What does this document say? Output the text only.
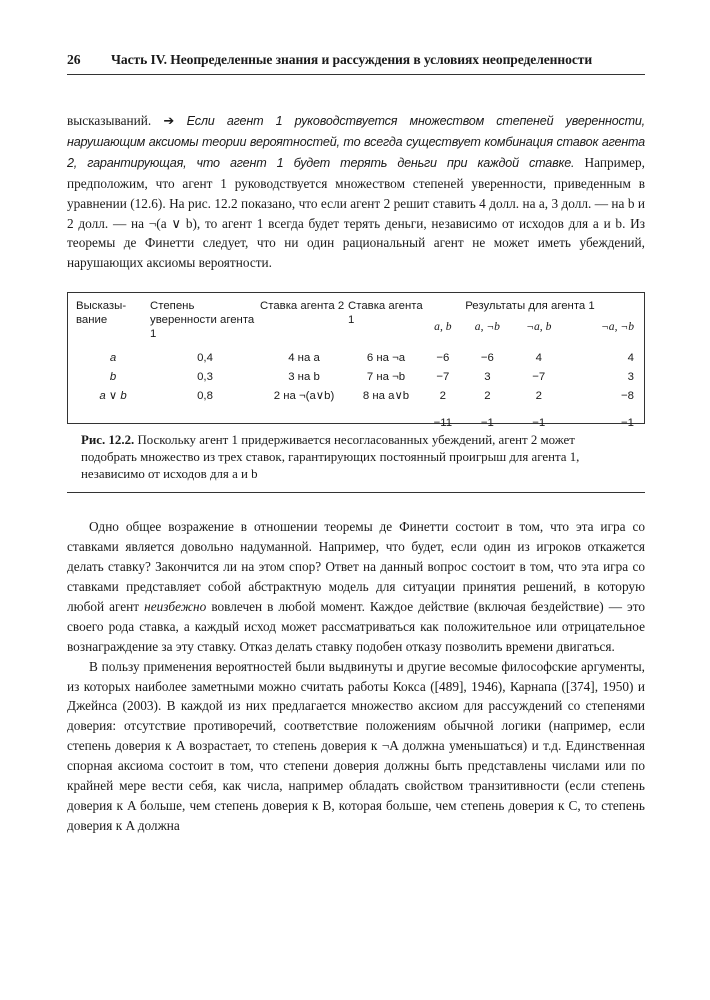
26	Часть IV. Неопределенные знания и рассуждения в условиях неопределенности

высказываний. ➔ Если агент 1 руководствуется множеством степеней уверенности, нарушающим аксиомы теории вероятностей, то всегда существует комбинация ставок агента 2, гарантирующая, что агент 1 будет терять деньги при каждой ставке. Например, предположим, что агент 1 руководствуется множеством степеней уверенности, приведенным в уравнении (12.6). На рис. 12.2 показано, что если агент 2 решит ставить 4 долл. на a, 3 долл. — на b и 2 долл. — на ¬(a ∨ b), то агент 1 всегда будет терять деньги, независимо от исходов для a и b. Из теоремы де Финетти следует, что ни один рациональный агент не может иметь убеждений, нарушающих аксиомы вероятности.

Высказы-вание	Степень уверенности агента 1	Ставка агента 2	Ставка агента 1	Результаты для агента 1			
				a, b	a, ¬b	¬a, b	¬a, ¬b
a	0,4	4 на a	6 на ¬a	−6	−6	4	4
b	0,3	3 на b	7 на ¬b	−7	3	−7	3
a ∨ b	0,8	2 на ¬(a∨b)	8 на a∨b	2	2	2	−8
				−11	−1	−1	−1
Рис. 12.2. Поскольку агент 1 придерживается несогласованных убеждений, агент 2 может подобрать множество из трех ставок, гарантирующих постоянный проигрыш для агента 1, независимо от исходов для a и b

Одно общее возражение в отношении теоремы де Финетти состоит в том, что эта игра со ставками является довольно надуманной. Например, что будет, если один из игроков откажется делать ставку? Закончится ли на этом спор? Ответ на данный вопрос состоит в том, что эта игра со ставками представляет собой абстрактную модель для ситуации принятия решений, в которую любой агент неизбежно вовлечен в любой момент. Каждое действие (включая бездействие) — это своего рода ставка, а каждый исход может рассматриваться как положительное или отрицательное вознаграждение за эту ставку. Отказ делать ставку подобен отказу позволить времени двигаться.

В пользу применения вероятностей были выдвинуты и другие весомые философские аргументы, из которых наиболее заметными можно считать работы Кокса ([489], 1946), Карнапа ([374], 1950) и Джейнса (2003). В каждой из них предлагается множество аксиом для рассуждений со степенями доверия: отсутствие противоречий, соответствие положениям обычной логики (например, если степень доверия к A возрастает, то степень доверия к ¬A должна уменьшаться) и т.д. Единственная спорная аксиома состоит в том, что степени доверия должны быть представлены числами или по крайней мере вести себя, как числа, например обладать свойством транзитивности (если степень доверия к A больше, чем степень доверия к B, которая больше, чем степень доверия к C, то степень доверия к A должна
